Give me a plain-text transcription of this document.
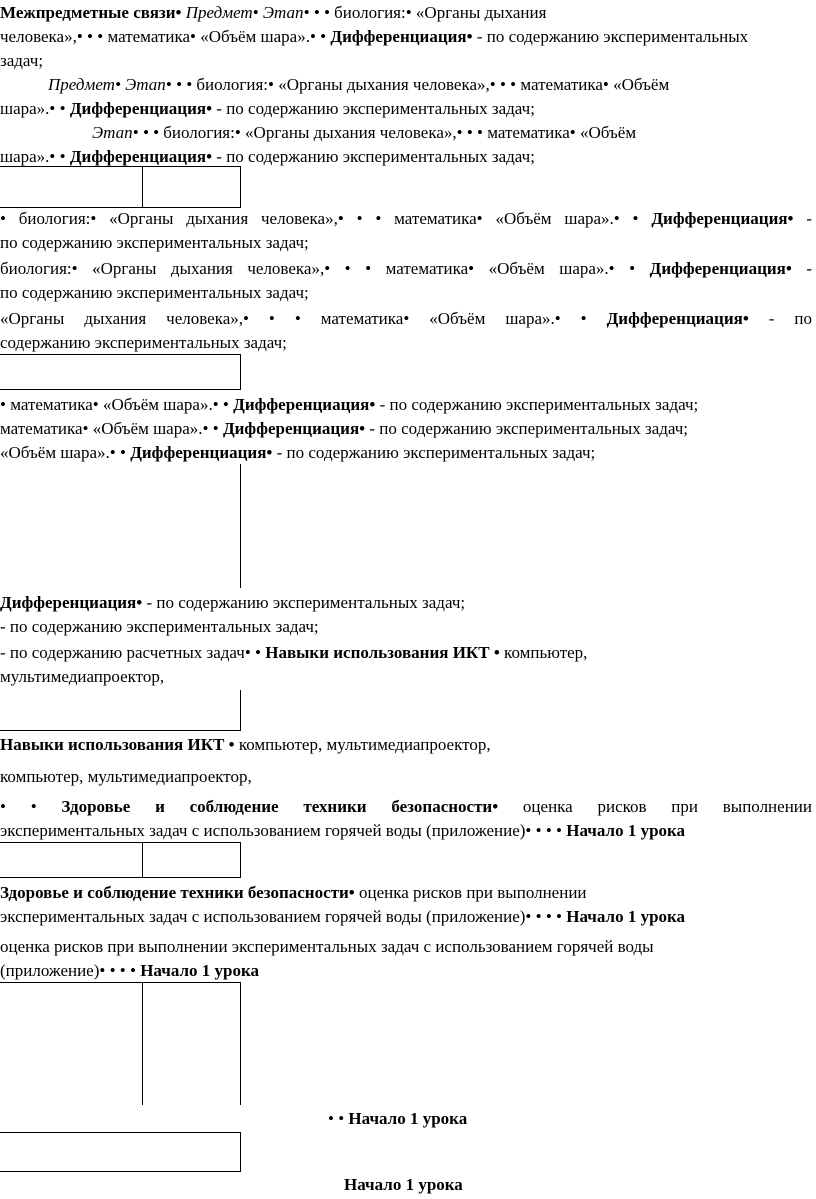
Межпредметные связи• Предмет• Этап• • • биология:• «Органы дыхания
человека»,• • • математика• «Объём шара».• • Дифференциация• - по содержанию экспериментальных
задач;
Предмет• Этап• • • биология:• «Органы дыхания человека»,• • • математика• «Объём
шара».• • Дифференциация• - по содержанию экспериментальных задач;
Этап• • • биология:• «Органы дыхания человека»,• • • математика• «Объём
шара».• • Дифференциация• - по содержанию экспериментальных задач;
• биология:• «Органы дыхания человека»,• • • математика• «Объём шара».• • Дифференциация• -
по содержанию экспериментальных задач;
биология:• «Органы дыхания человека»,• • • математика• «Объём шара».• • Дифференциация• -
по содержанию экспериментальных задач;
«Органы дыхания человека»,• • • математика• «Объём шара».• • Дифференциация• - по
содержанию экспериментальных задач;
• математика• «Объём шара».• • Дифференциация• - по содержанию экспериментальных задач;
математика• «Объём шара».• • Дифференциация• - по содержанию экспериментальных задач;
«Объём шара».• • Дифференциация• - по содержанию экспериментальных задач;
Дифференциация• - по содержанию экспериментальных задач;
- по содержанию экспериментальных задач;
- по содержанию расчетных задач• • Навыки использования ИКТ • компьютер,
мультимедиапроектор,
Навыки использования ИКТ • компьютер, мультимедиапроектор,
компьютер, мультимедиапроектор,
• • Здоровье и соблюдение техники безопасности• оценка рисков при выполнении
экспериментальных задач с использованием горячей воды (приложение)• • • • Начало 1 урока
Здоровье и соблюдение техники безопасности• оценка рисков при выполнении
экспериментальных задач с использованием горячей воды (приложение)• • • • Начало 1 урока
оценка рисков при выполнении экспериментальных задач с использованием горячей воды
(приложение)• • • • Начало 1 урока
• • Начало 1 урока
Начало 1 урока
